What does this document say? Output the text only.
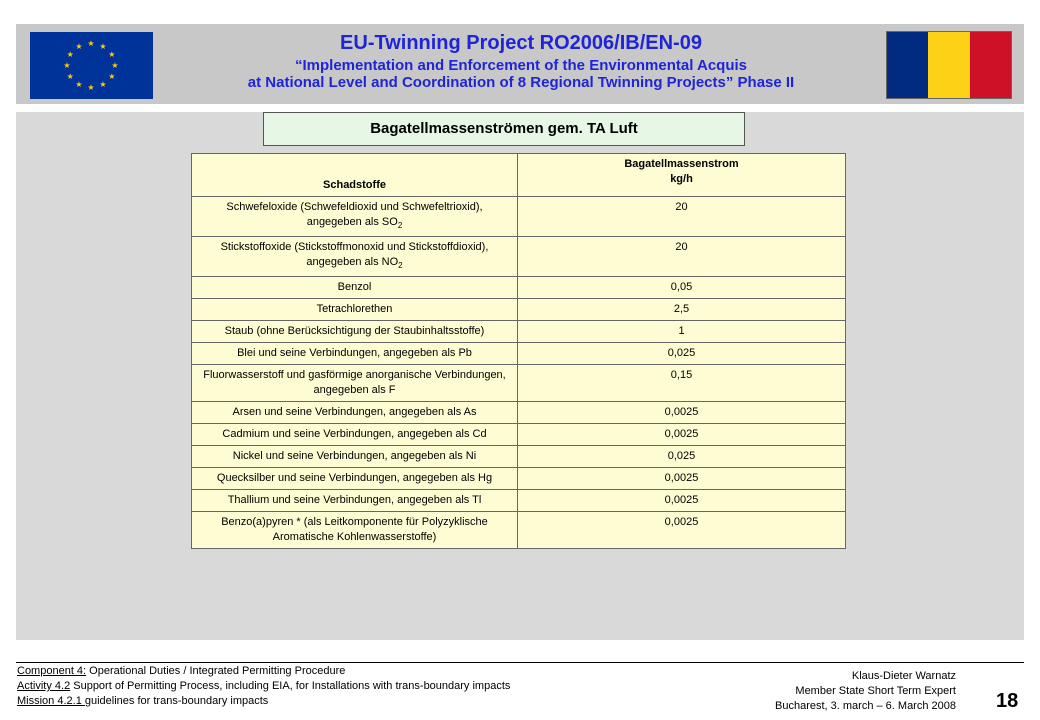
★
★
★
★
★
★
★
★
★ ★ ★
★
EU-Twinning Project RO2006/IB/EN-09
“Implementation and Enforcement of the Environmental Acquis
at National Level and Coordination of 8 Regional Twinning Projects” Phase II
Bagatellmassenströmen gem. TA Luft
Schadstoffe	Bagatellmassenstrom
kg/h
Schwefeloxide (Schwefeldioxid und Schwefeltrioxid), angegeben als $SO_2$	20
Stickstoffoxide (Stickstoffmonoxid und Stickstoffdioxid), angegeben als $NO_2$	20
Benzol	0,05
Tetrachlorethen	2,5
Staub (ohne Berücksichtigung der Staubinhaltsstoffe)	1
Blei und seine Verbindungen, angegeben als Pb	0,025
Fluorwasserstoff und gasförmige anorganische Verbindungen, angegeben als F	0,15
Arsen und seine Verbindungen, angegeben als As	0,0025
Cadmium und seine Verbindungen, angegeben als Cd	0,0025
Nickel und seine Verbindungen, angegeben als Ni	0,025
Quecksilber und seine Verbindungen, angegeben als Hg	0,0025
Thallium und seine Verbindungen, angegeben als Tl	0,0025
Benzo(a)pyren * (als Leitkomponente für Polyzyklische Aromatische Kohlenwasserstoffe)	0,0025
Component 4: Operational Duties / Integrated Permitting Procedure
Activity 4.2 Support of Permitting Process, including EIA, for Installations with trans-boundary impacts
Mission 4.2.1 guidelines for trans-boundary impacts
Klaus-Dieter Warnatz
Member State Short Term Expert
Bucharest, 3. march – 6. March 2008 18
